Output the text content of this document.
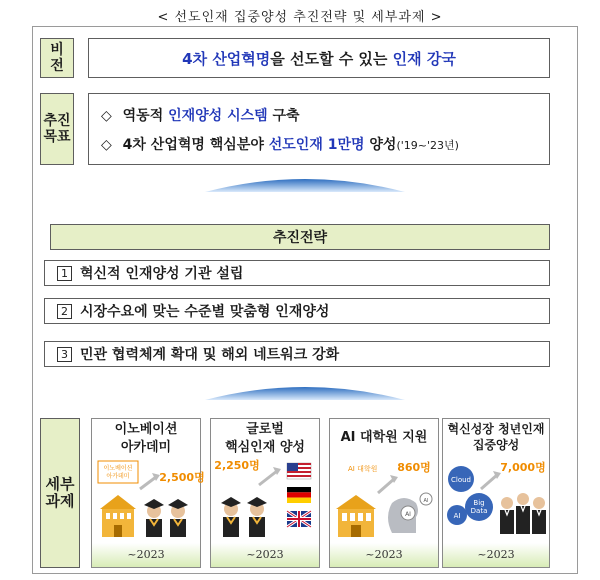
< 선도인재 집중양성 추진전략 및 세부과제 >
비
전	4차 산업혁명 을 선도할 수 있는 인재 강국
추진
목표
◇ 역동적 인재양성 시스템 구축
◇ 4차 산업혁명 핵심분야 선도인재 1만명 양성('19~'23년)
추진전략
1 혁신적 인재양성 기관 설립
2 시장수요에 맞는 수준별 맞춤형 인재양성
3 민관 협력체계 확대 및 해외 네트워크 강화
세부
과제
이노베이션
아카데미
이노베이션
아카데미	2,500명
~2023
글로벌
핵심인재 양성
2,250명
~2023
AI 대학원 지원
AI 대학원 860명
AI
AI
~2023
혁신성장 청년인재
집중양성
7,000명
Cloud
Big
Data
AI
~2023
